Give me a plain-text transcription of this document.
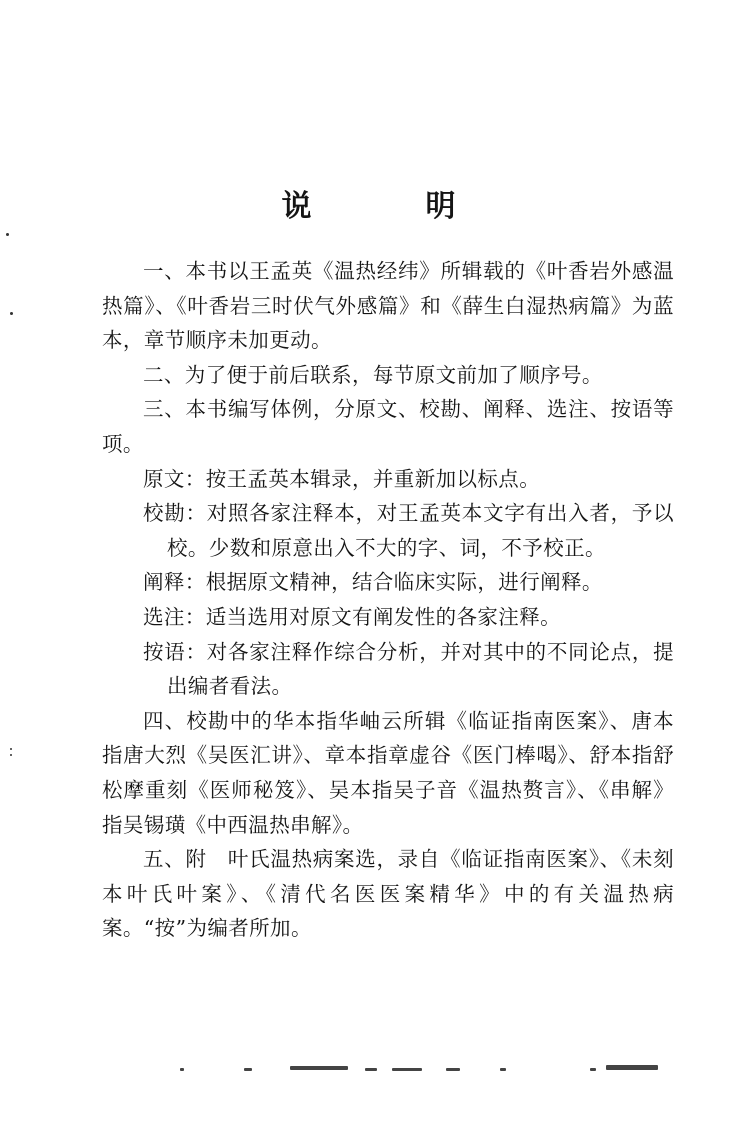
说　明

一、本书以王孟英《温热经纬》所辑载的《叶香岩外感温热篇》、《叶香岩三时伏气外感篇》和《薛生白湿热病篇》为蓝本，章节顺序未加更动。

二、为了便于前后联系，每节原文前加了顺序号。

三、本书编写体例，分原文、校勘、阐释、选注、按语等项。

原文：按王孟英本辑录，并重新加以标点。

校勘：对照各家注释本，对王孟英本文字有出入者，予以校。少数和原意出入不大的字、词，不予校正。

阐释：根据原文精神，结合临床实际，进行阐释。

选注：适当选用对原文有阐发性的各家注释。

按语：对各家注释作综合分析，并对其中的不同论点，提出编者看法。

四、校勘中的华本指华岫云所辑《临证指南医案》、唐本指唐大烈《吴医汇讲》、章本指章虚谷《医门棒喝》、舒本指舒松摩重刻《医师秘笈》、吴本指吴子音《温热赘言》、《串解》指吴锡璜《中西温热串解》。

五、附　叶氏温热病案选，录自《临证指南医案》、《未刻本叶氏叶案》、《清代名医医案精华》中的有关温热病案。“按”为编者所加。
